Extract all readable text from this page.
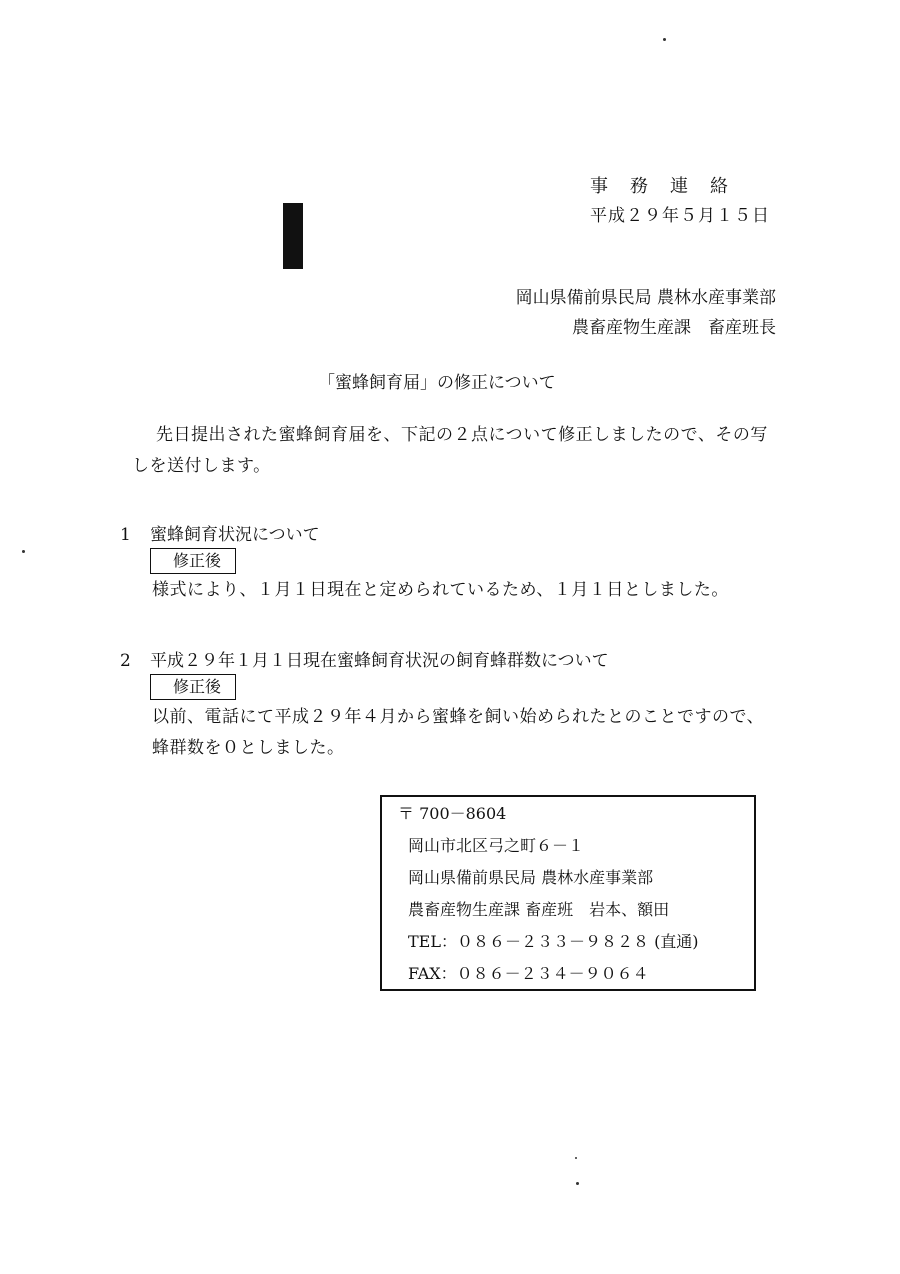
事務連絡
平成２９年５月１５日
岡山県備前県民局 農林水産事業部
農畜産物生産課　畜産班長
「蜜蜂飼育届」の修正について
先日提出された蜜蜂飼育届を、下記の２点について修正しましたので、その写しを送付します。
1 蜜蜂飼育状況について
修正後
様式により、１月１日現在と定められているため、１月１日としました。
2 平成２９年１月１日現在蜜蜂飼育状況の飼育蜂群数について
修正後
以前、電話にて平成２９年４月から蜜蜂を飼い始められたとのことですので、蜂群数を０としました。
〒 700－8604
岡山市北区弓之町６－１
岡山県備前県民局 農林水産事業部
農畜産物生産課 畜産班　岩本、額田
TEL：０８６－２３３－９８２８ (直通)
FAX：０８６－２３４－９０６４
